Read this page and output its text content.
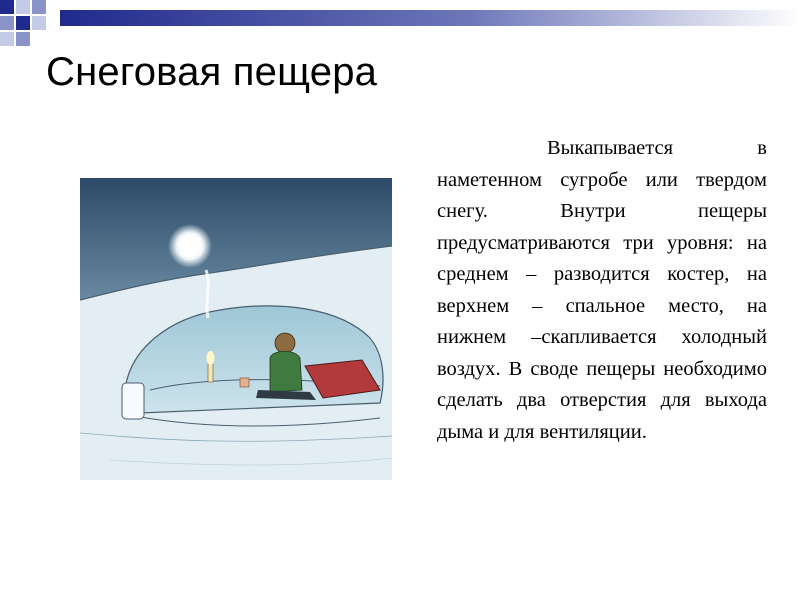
Снеговая пещера

Выкапывается в наметенном сугробе или твердом снегу. Внутри пещеры предусматриваются три уровня: на среднем – разводится костер, на верхнем – спальное место, на нижнем –скапливается холодный воздух. В своде пещеры необходимо сделать два отверстия для выхода дыма и для вентиляции.
